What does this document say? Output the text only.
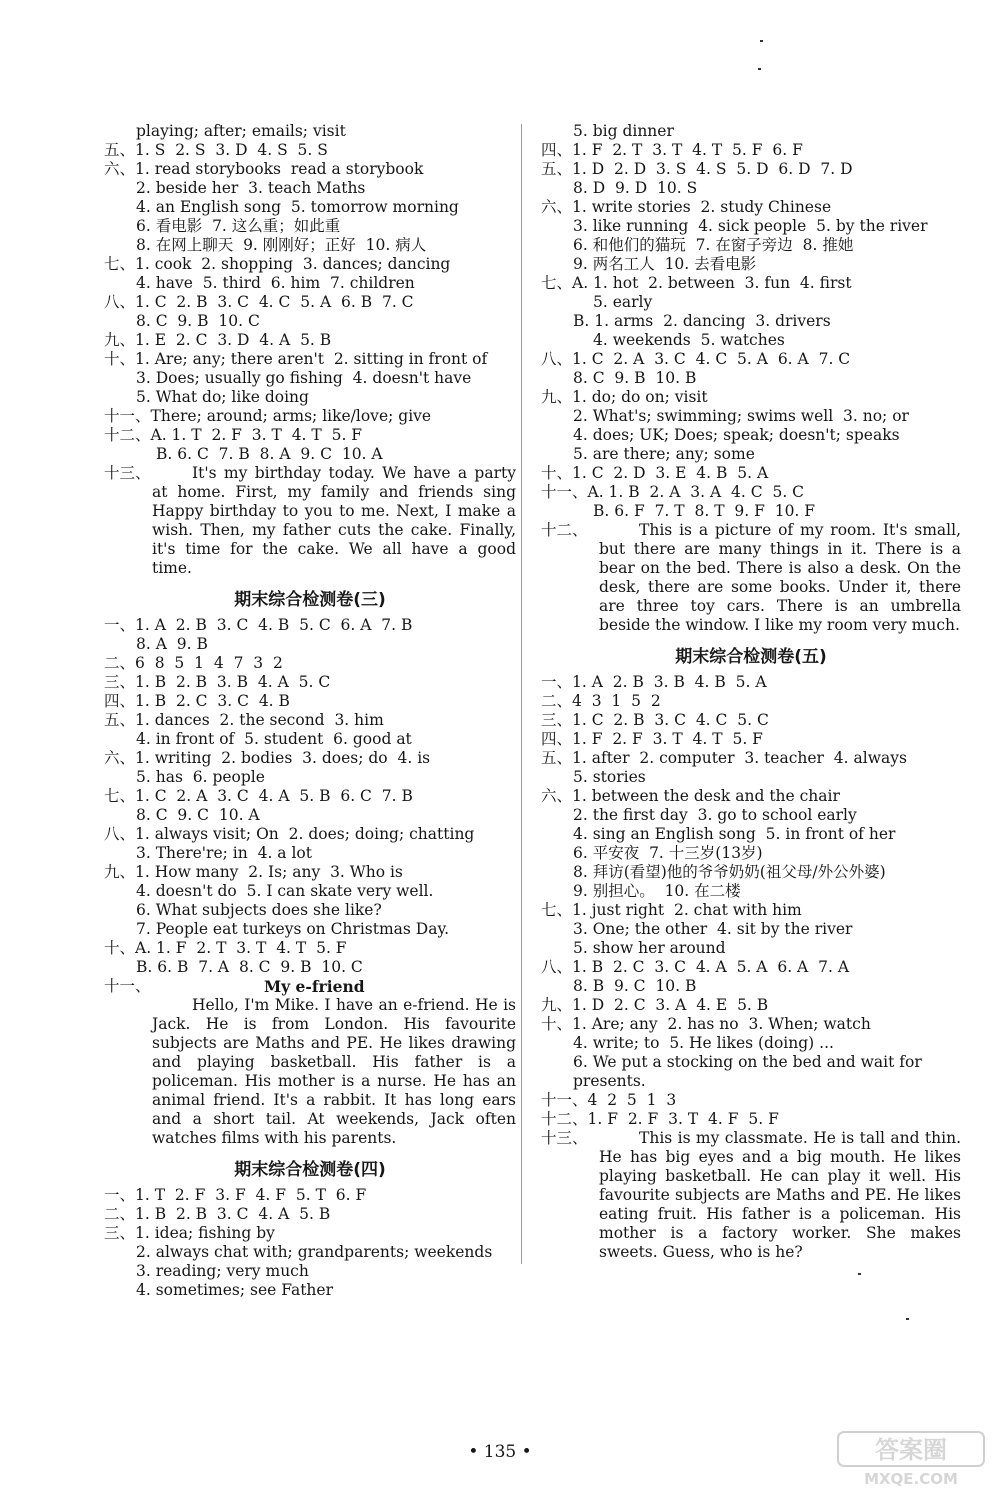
playing; after; emails; visit
五、1. S  2. S  3. D  4. S  5. S
六、1. read storybooks  read a storybook
2. beside her  3. teach Maths
4. an English song  5. tomorrow morning
6. 看电影  7. 这么重；如此重
8. 在网上聊天  9. 刚刚好；正好  10. 病人
七、1. cook  2. shopping  3. dances; dancing
4. have  5. third  6. him  7. children
八、1. C  2. B  3. C  4. C  5. A  6. B  7. C
8. C  9. B  10. C
九、1. E  2. C  3. D  4. A  5. B
十、1. Are; any; there aren't  2. sitting in front of
3. Does; usually go fishing  4. doesn't have
5. What do; like doing
十一、There; around; arms; like/love; give
十二、A. 1. T  2. F  3. T  4. T  5. F
B. 6. C  7. B  8. A  9. C  10. A
十三、	It's my birthday today. We have a party at home. First, my family and friends sing Happy birthday to you to me. Next, I make a wish. Then, my father cuts the cake. Finally, it's time for the cake. We all have a good time.
期末综合检测卷(三)
一、1. A  2. B  3. C  4. B  5. C  6. A  7. B
8. A  9. B
二、6  8  5  1  4  7  3  2
三、1. B  2. B  3. B  4. A  5. C
四、1. B  2. C  3. C  4. B
五、1. dances  2. the second  3. him
4. in front of  5. student  6. good at
六、1. writing  2. bodies  3. does; do  4. is
5. has  6. people
七、1. C  2. A  3. C  4. A  5. B  6. C  7. B
8. C  9. C  10. A
八、1. always visit; On  2. does; doing; chatting
3. There're; in  4. a lot
九、1. How many  2. Is; any  3. Who is
4. doesn't do  5. I can skate very well.
6. What subjects does she like?
7. People eat turkeys on Christmas Day.
十、A. 1. F  2. T  3. T  4. T  5. F
B. 6. B  7. A  8. C  9. B  10. C
十一、	My e-friend
Hello, I'm Mike. I have an e-friend. He is Jack. He is from London. His favourite subjects are Maths and PE. He likes drawing and playing basketball. His father is a policeman. His mother is a nurse. He has an animal friend. It's a rabbit. It has long ears and a short tail. At weekends, Jack often watches films with his parents.
期末综合检测卷(四)
一、1. T  2. F  3. F  4. F  5. T  6. F
二、1. B  2. B  3. C  4. A  5. B
三、1. idea; fishing by
2. always chat with; grandparents; weekends
3. reading; very much
4. sometimes; see Father
5. big dinner
四、1. F  2. T  3. T  4. T  5. F  6. F
五、1. D  2. D  3. S  4. S  5. D  6. D  7. D
8. D  9. D  10. S
六、1. write stories  2. study Chinese
3. like running  4. sick people  5. by the river
6. 和他们的猫玩  7. 在窗子旁边  8. 推她
9. 两名工人  10. 去看电影
七、A. 1. hot  2. between  3. fun  4. first
5. early
B. 1. arms  2. dancing  3. drivers
4. weekends  5. watches
八、1. C  2. A  3. C  4. C  5. A  6. A  7. C
8. C  9. B  10. B
九、1. do; do on; visit
2. What's; swimming; swims well  3. no; or
4. does; UK; Does; speak; doesn't; speaks
5. are there; any; some
十、1. C  2. D  3. E  4. B  5. A
十一、A. 1. B  2. A  3. A  4. C  5. C
B. 6. F  7. T  8. T  9. F  10. F
十二、	This is a picture of my room. It's small, but there are many things in it. There is a bear on the bed. There is also a desk. On the desk, there are some books. Under it, there are three toy cars. There is an umbrella beside the window. I like my room very much.
期末综合检测卷(五)
一、1. A  2. B  3. B  4. B  5. A
二、4  3  1  5  2
三、1. C  2. B  3. C  4. C  5. C
四、1. F  2. F  3. T  4. T  5. F
五、1. after  2. computer  3. teacher  4. always
5. stories
六、1. between the desk and the chair
2. the first day  3. go to school early
4. sing an English song  5. in front of her
6. 平安夜  7. 十三岁(13岁)
8. 拜访(看望)他的爷爷奶奶(祖父母/外公外婆)
9. 别担心。  10. 在二楼
七、1. just right  2. chat with him
3. One; the other  4. sit by the river
5. show her around
八、1. B  2. C  3. C  4. A  5. A  6. A  7. A
8. B  9. C  10. B
九、1. D  2. C  3. A  4. E  5. B
十、1. Are; any  2. has no  3. When; watch
4. write; to  5. He likes (doing) ...
6. We put a stocking on the bed and wait for
presents.
十一、4  2  5  1  3
十二、1. F  2. F  3. T  4. F  5. F
十三、	This is my classmate. He is tall and thin. He has big eyes and a big mouth. He likes playing basketball. He can play it well. His favourite subjects are Maths and PE. He likes eating fruit. His father is a policeman. His mother is a factory worker. She makes sweets. Guess, who is he?
• 135 •	答案圈
MXQE.COM
